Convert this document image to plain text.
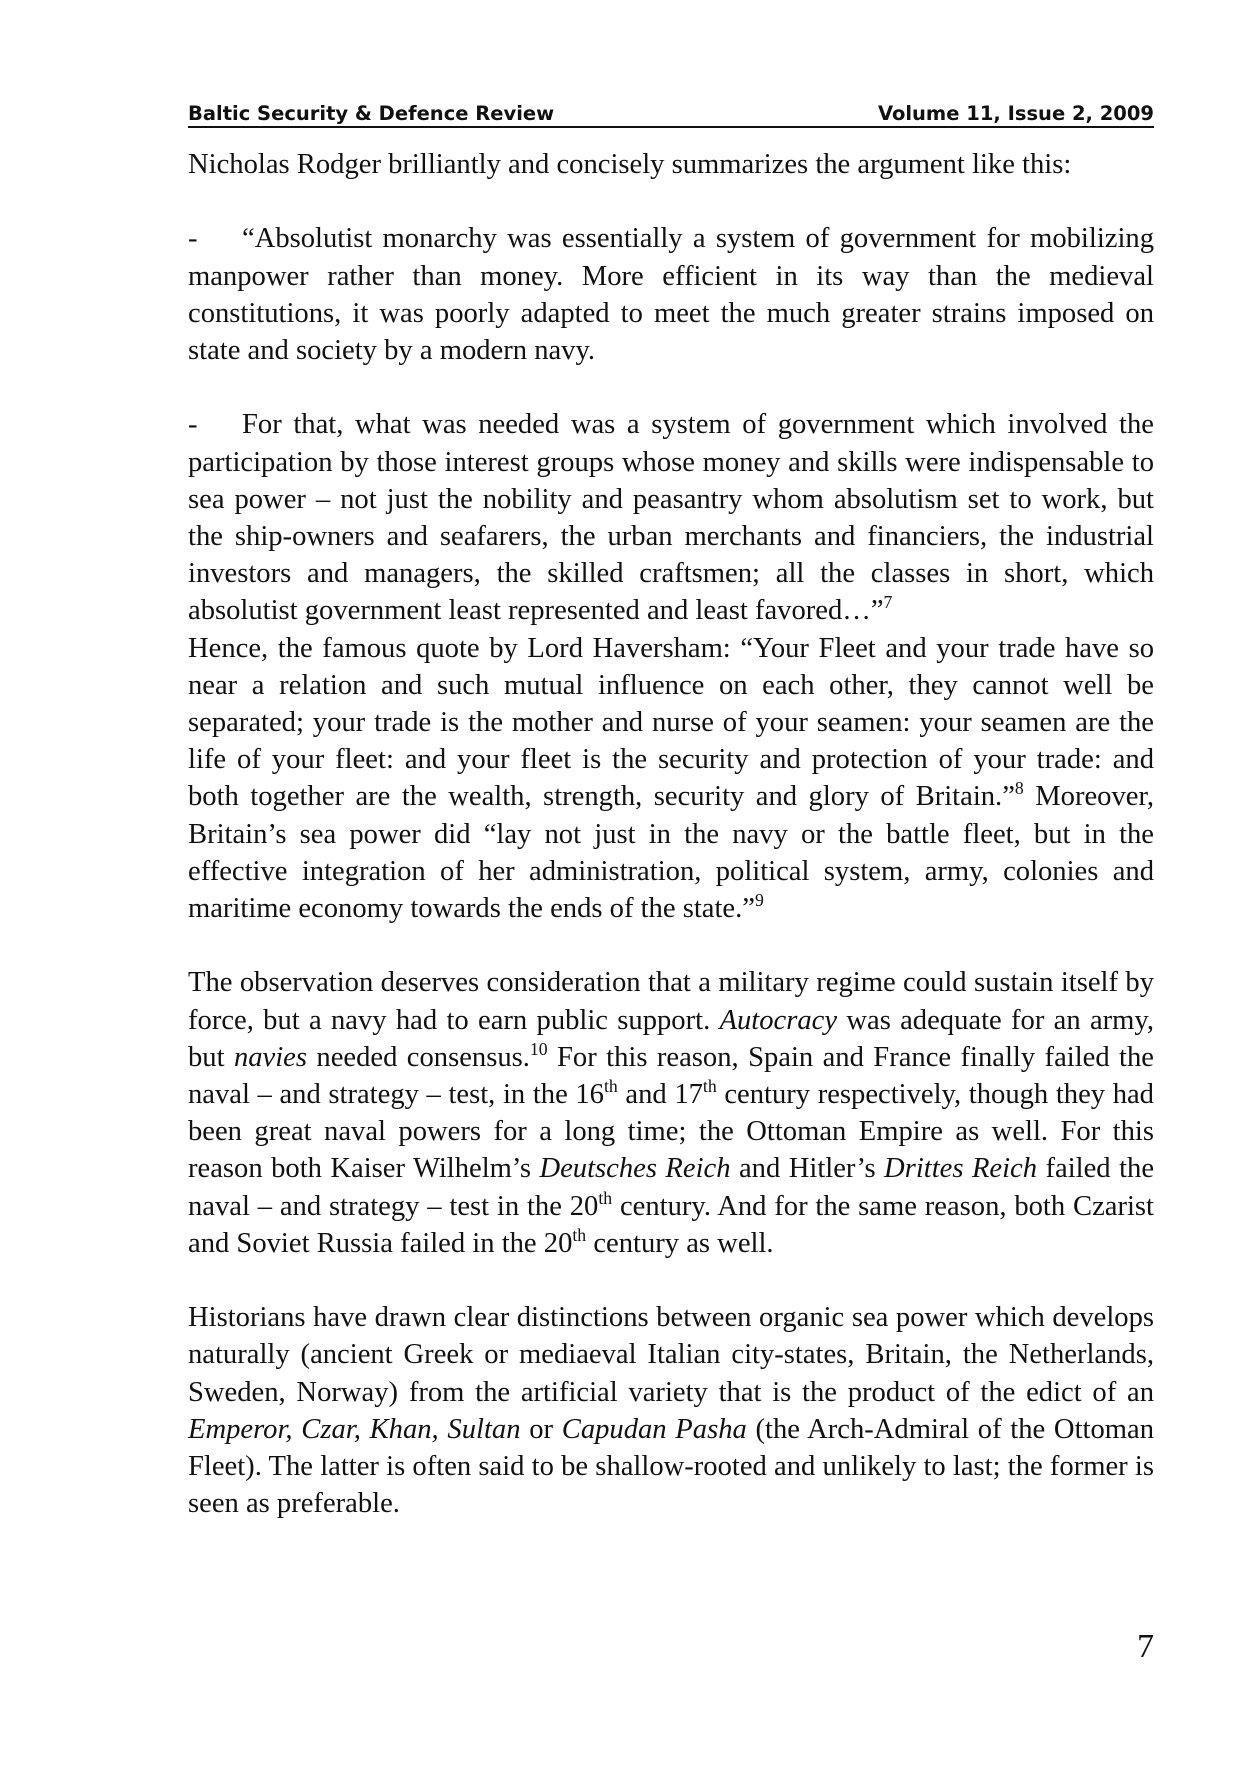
Baltic Security & Defence Review	Volume 11, Issue 2, 2009

Nicholas Rodger brilliantly and concisely summarizes the argument like this:

- “Absolutist monarchy was essentially a system of government for mobilizing manpower rather than money. More efficient in its way than the medieval constitutions, it was poorly adapted to meet the much greater strains imposed on state and society by a modern navy.

- For that, what was needed was a system of government which involved the participation by those interest groups whose money and skills were indispensable to sea power – not just the nobility and peasantry whom absolutism set to work, but the ship-owners and seafarers, the urban merchants and financiers, the industrial investors and managers, the skilled craftsmen; all the classes in short, which absolutist government least represented and least favored…”$^7$

Hence, the famous quote by Lord Haversham: “Your Fleet and your trade have so near a relation and such mutual influence on each other, they cannot well be separated; your trade is the mother and nurse of your seamen: your seamen are the life of your fleet: and your fleet is the security and protection of your trade: and both together are the wealth, strength, security and glory of Britain.”$^8$ Moreover, Britain’s sea power did “lay not just in the navy or the battle fleet, but in the effective integration of her administration, political system, army, colonies and maritime economy towards the ends of the state.”$^9$

The observation deserves consideration that a military regime could sustain itself by force, but a navy had to earn public support. Autocracy was adequate for an army, but navies needed consensus.$^{10}$ For this reason, Spain and France finally failed the naval – and strategy – test, in the 16th and 17th century respectively, though they had been great naval powers for a long time; the Ottoman Empire as well. For this reason both Kaiser Wilhelm’s Deutsches Reich and Hitler’s Drittes Reich failed the naval – and strategy – test in the 20th century. And for the same reason, both Czarist and Soviet Russia failed in the 20th century as well.

Historians have drawn clear distinctions between organic sea power which develops naturally (ancient Greek or mediaeval Italian city-states, Britain, the Netherlands, Sweden, Norway) from the artificial variety that is the product of the edict of an Emperor, Czar, Khan, Sultan or Capudan Pasha (the Arch-Admiral of the Ottoman Fleet). The latter is often said to be shallow-rooted and unlikely to last; the former is seen as preferable.

7
